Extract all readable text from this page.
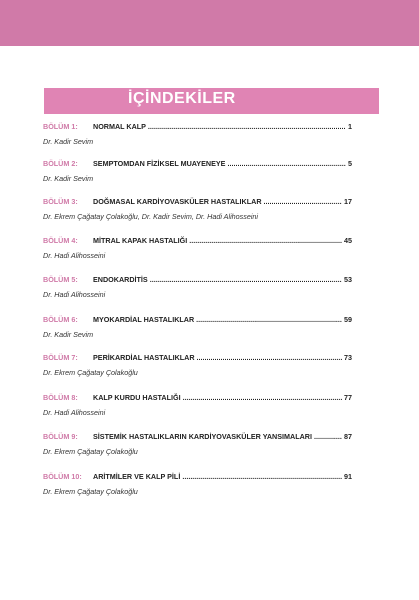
İÇİNDEKİLER
BÖLÜM 1: NORMAL KALP .....	1
Dr. Kadir Sevim
BÖLÜM 2: SEMPTOMDAN FİZİKSEL MUAYENEYE .....	5
Dr. Kadir Sevim
BÖLÜM 3: DOĞMASAL KARDİYOVASKÜLER HASTALIKLAR .....	17
Dr. Ekrem Çağatay Çolakoğlu, Dr. Kadir Sevim, Dr. Hadi Alihosseini
BÖLÜM 4: MİTRAL KAPAK HASTALIĞI .....	45
Dr. Hadi Alihosseini
BÖLÜM 5: ENDOKARDİTİS .....	53
Dr. Hadi Alihosseini
BÖLÜM 6: MYOKARDİAL HASTALIKLAR .....	59
Dr. Kadir Sevim
BÖLÜM 7: PERİKARDİAL HASTALIKLAR .....	73
Dr. Ekrem Çağatay Çolakoğlu
BÖLÜM 8: KALP KURDU HASTALIĞI .....	77
Dr. Hadi Alihosseini
BÖLÜM 9: SİSTEMİK HASTALIKLARIN KARDİYOVASKÜLER YANSIMALARI .....	87
Dr. Ekrem Çağatay Çolakoğlu
BÖLÜM 10: ARİTMİLER VE KALP PİLİ .....	91
Dr. Ekrem Çağatay Çolakoğlu
